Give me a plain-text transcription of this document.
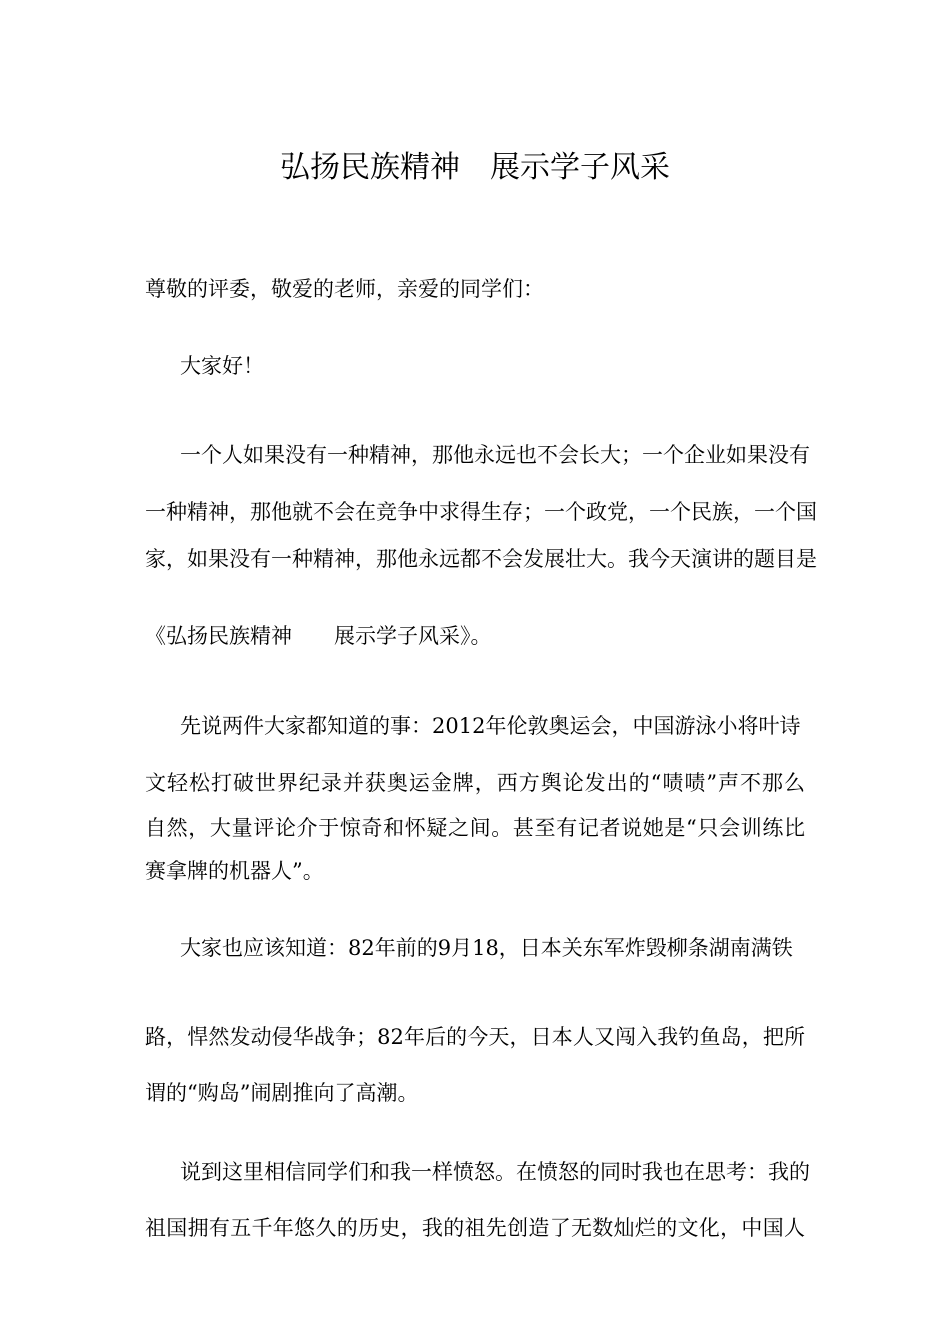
弘扬民族精神　展示学子风采

尊敬的评委，敬爱的老师，亲爱的同学们：

大家好！

一个人如果没有一种精神，那他永远也不会长大；一个企业如果没有

一种精神，那他就不会在竞争中求得生存；一个政党，一个民族，一个国

家，如果没有一种精神，那他永远都不会发展壮大。我今天演讲的题目是

《弘扬民族精神　　展示学子风采》。

先说两件大家都知道的事：2012年伦敦奥运会，中国游泳小将叶诗

文轻松打破世界纪录并获奥运金牌，西方舆论发出的“啧啧”声不那么

自然，大量评论介于惊奇和怀疑之间。甚至有记者说她是“只会训练比

赛拿牌的机器人”。

大家也应该知道：82年前的9月18，日本关东军炸毁柳条湖南满铁

路，悍然发动侵华战争；82年后的今天，日本人又闯入我钓鱼岛，把所

谓的“购岛”闹剧推向了高潮。

说到这里相信同学们和我一样愤怒。在愤怒的同时我也在思考：我的

祖国拥有五千年悠久的历史，我的祖先创造了无数灿烂的文化，中国人
